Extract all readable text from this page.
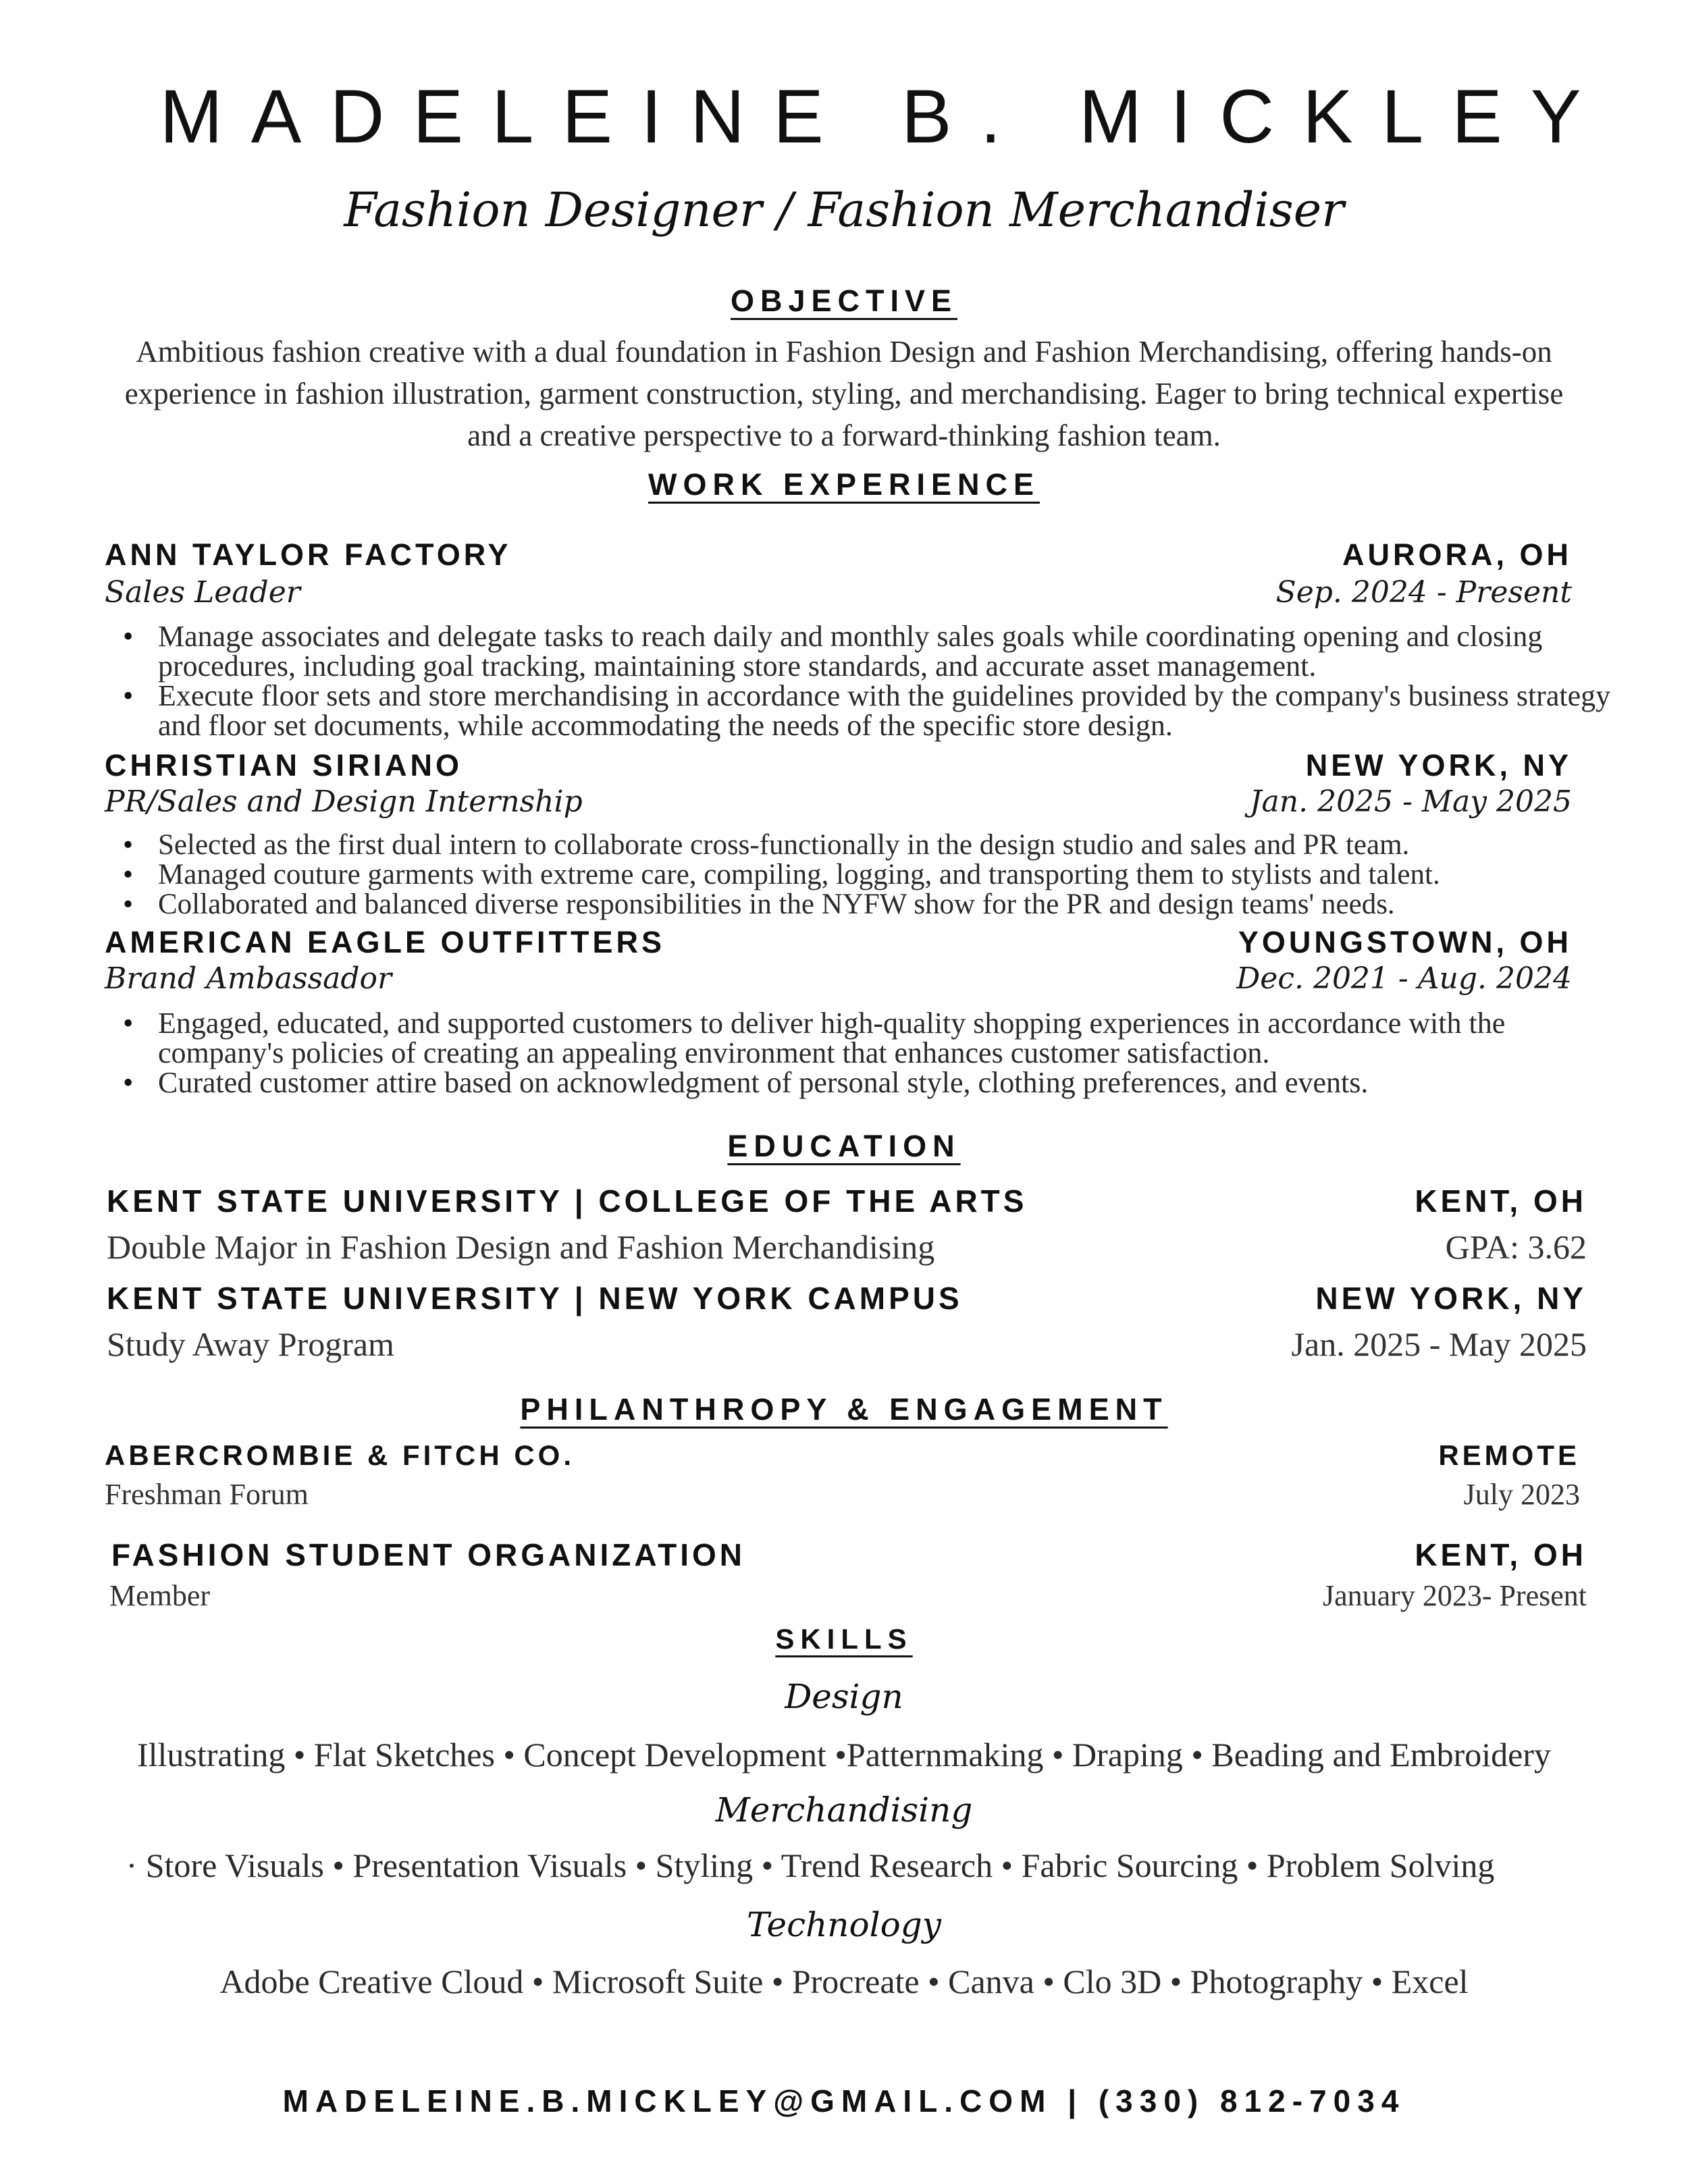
MADELEINE B. MICKLEY
Fashion Designer / Fashion Merchandiser
OBJECTIVE
Ambitious fashion creative with a dual foundation in Fashion Design and Fashion Merchandising, offering hands-on experience in fashion illustration, garment construction, styling, and merchandising. Eager to bring technical expertise and a creative perspective to a forward-thinking fashion team.
WORK EXPERIENCE
ANN TAYLOR FACTORY	AURORA, OH
Sales Leader	Sep. 2024 - Present
• Manage associates and delegate tasks to reach daily and monthly sales goals while coordinating opening and closing procedures, including goal tracking, maintaining store standards, and accurate asset management.
• Execute floor sets and store merchandising in accordance with the guidelines provided by the company's business strategy and floor set documents, while accommodating the needs of the specific store design.
CHRISTIAN SIRIANO	NEW YORK, NY
PR/Sales and Design Internship	Jan. 2025 - May 2025
• Selected as the first dual intern to collaborate cross-functionally in the design studio and sales and PR team.
• Managed couture garments with extreme care, compiling, logging, and transporting them to stylists and talent.
• Collaborated and balanced diverse responsibilities in the NYFW show for the PR and design teams' needs.
AMERICAN EAGLE OUTFITTERS	YOUNGSTOWN, OH
Brand Ambassador	Dec. 2021 - Aug. 2024
• Engaged, educated, and supported customers to deliver high-quality shopping experiences in accordance with the company's policies of creating an appealing environment that enhances customer satisfaction.
• Curated customer attire based on acknowledgment of personal style, clothing preferences, and events.
EDUCATION
KENT STATE UNIVERSITY | COLLEGE OF THE ARTS	KENT, OH
Double Major in Fashion Design and Fashion Merchandising	GPA: 3.62
KENT STATE UNIVERSITY | NEW YORK CAMPUS	NEW YORK, NY
Study Away Program	Jan. 2025 - May 2025
PHILANTHROPY & ENGAGEMENT
ABERCROMBIE & FITCH CO.	REMOTE
Freshman Forum	July 2023
FASHION STUDENT ORGANIZATION	KENT, OH
Member	January 2023- Present
SKILLS
Design
Illustrating • Flat Sketches • Concept Development •Patternmaking • Draping • Beading and Embroidery
Merchandising
· Store Visuals • Presentation Visuals • Styling • Trend Research • Fabric Sourcing • Problem Solving
Technology
Adobe Creative Cloud • Microsoft Suite • Procreate • Canva • Clo 3D • Photography • Excel
MADELEINE.B.MICKLEY@GMAIL.COM | (330) 812-7034
